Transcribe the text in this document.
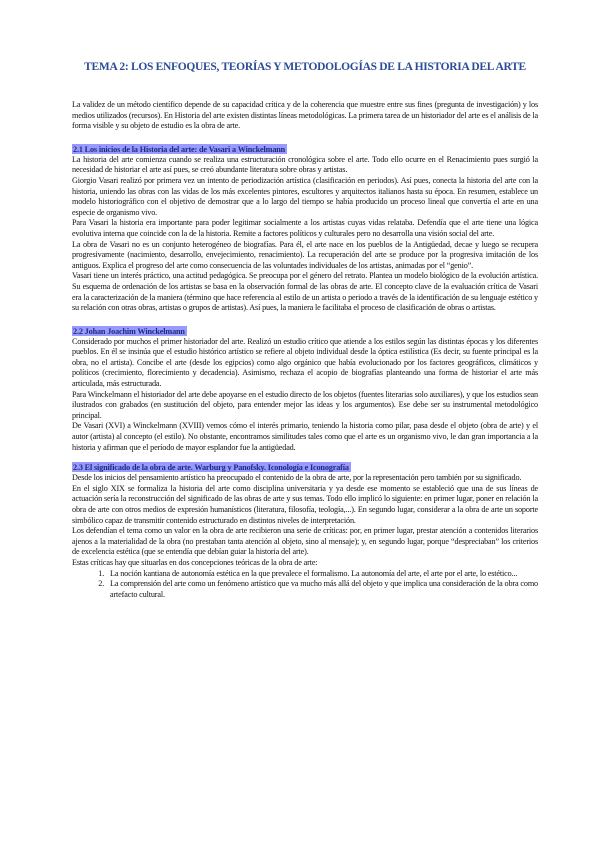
TEMA 2: LOS ENFOQUES, TEORÍAS Y METODOLOGÍAS DE LA HISTORIA DEL ARTE

La validez de un método científico depende de su capacidad crítica y de la coherencia que muestre entre sus fines (pregunta de investigación) y los medios utilizados (recursos). En Historia del arte existen distintas líneas metodológicas. La primera tarea de un historiador del arte es el análisis de la forma visible y su objeto de estudio es la obra de arte.

2.1 Los inicios de la Historia del arte: de Vasari a Winckelmann

La historia del arte comienza cuando se realiza una estructuración cronológica sobre el arte. Todo ello ocurre en el Renacimiento pues surgió la necesidad de historiar el arte así pues, se creó abundante literatura sobre obras y artistas.

Giorgio Vasari realizó por primera vez un intento de periodización artística (clasificación en periodos). Así pues, conecta la historia del arte con la historia, uniendo las obras con las vidas de los más excelentes pintores, escultores y arquitectos italianos hasta su época. En resumen, establece un modelo historiográfico con el objetivo de demostrar que a lo largo del tiempo se había producido un proceso lineal que convertía el arte en una especie de organismo vivo.

Para Vasari la historia era importante para poder legitimar socialmente a los artistas cuyas vidas relataba. Defendía que el arte tiene una lógica evolutiva interna que coincide con la de la historia. Remite a factores políticos y culturales pero no desarrolla una visión social del arte.

La obra de Vasari no es un conjunto heterogéneo de biografías. Para él, el arte nace en los pueblos de la Antigüedad, decae y luego se recupera progresivamente (nacimiento, desarrollo, envejecimiento, renacimiento). La recuperación del arte se produce por la progresiva imitación de los antiguos. Explica el progreso del arte como consecuencia de las voluntades individuales de los artistas, animadas por el “genio”.

Vasari tiene un interés práctico, una actitud pedagógica. Se preocupa por el género del retrato. Plantea un modelo biológico de la evolución artística. Su esquema de ordenación de los artistas se basa en la observación formal de las obras de arte. El concepto clave de la evaluación crítica de Vasari era la caracterización de la maniera (término que hace referencia al estilo de un artista o periodo a través de la identificación de su lenguaje estético y su relación con otras obras, artistas o grupos de artistas). Así pues, la maniera le facilitaba el proceso de clasificación de obras o artistas.

2.2 Johan Joachim Winckelmann

Considerado por muchos el primer historiador del arte. Realizó un estudio crítico que atiende a los estilos según las distintas épocas y los diferentes pueblos. En él se insinúa que el estudio histórico artístico se refiere al objeto individual desde la óptica estilística (Es decir, su fuente principal es la obra, no el artista). Concibe el arte (desde los egipcios) como algo orgánico que había evolucionado por los factores geográficos, climáticos y políticos (crecimiento, florecimiento y decadencia). Asimismo, rechaza el acopio de biografías planteando una forma de historiar el arte más articulada, más estructurada.

Para Winckelmann el historiador del arte debe apoyarse en el estudio directo de los objetos (fuentes literarias solo auxiliares), y que los estudios sean ilustrados con grabados (en sustitución del objeto, para entender mejor las ideas y los argumentos). Ese debe ser su instrumental metodológico principal.

De Vasari (XVI) a Winckelmann (XVIII) vemos cómo el interés primario, teniendo la historia como pilar, pasa desde el objeto (obra de arte) y el autor (artista) al concepto (el estilo). No obstante, encontramos similitudes tales como que el arte es un organismo vivo, le dan gran importancia a la historia y afirman que el período de mayor esplandor fue la antigüedad.

2.3 El significado de la obra de arte. Warburg y Panofsky. Iconología e Iconografía

Desde los inicios del pensamiento artístico ha preocupado el contenido de la obra de arte, por la representación pero también por su significado.

En el siglo XIX se formaliza la historia del arte como disciplina universitaria y ya desde ese momento se estableció que una de sus líneas de actuación sería la reconstrucción del significado de las obras de arte y sus temas. Todo ello implicó lo siguiente: en primer lugar, poner en relación la obra de arte con otros medios de expresión humanísticos (literatura, filosofía, teología,...). En segundo lugar, considerar a la obra de arte un soporte simbólico capaz de transmitir contenido estructurado en distintos niveles de interpretación.

Los defendían el tema como un valor en la obra de arte recibieron una serie de críticas: por, en primer lugar, prestar atención a contenidos literarios ajenos a la materialidad de la obra (no prestaban tanta atención al objeto, sino al mensaje); y, en segundo lugar, porque “despreciaban” los criterios de excelencia estética (que se entendía que debían guiar la historia del arte).

Estas críticas hay que situarlas en dos concepciones teóricas de la obra de arte:

1. La noción kantiana de autonomía estética en la que prevalece el formalismo. La autonomía del arte, el arte por el arte, lo estético...
2. La comprensión del arte como un fenómeno artístico que va mucho más allá del objeto y que implica una consideración de la obra como artefacto cultural.
